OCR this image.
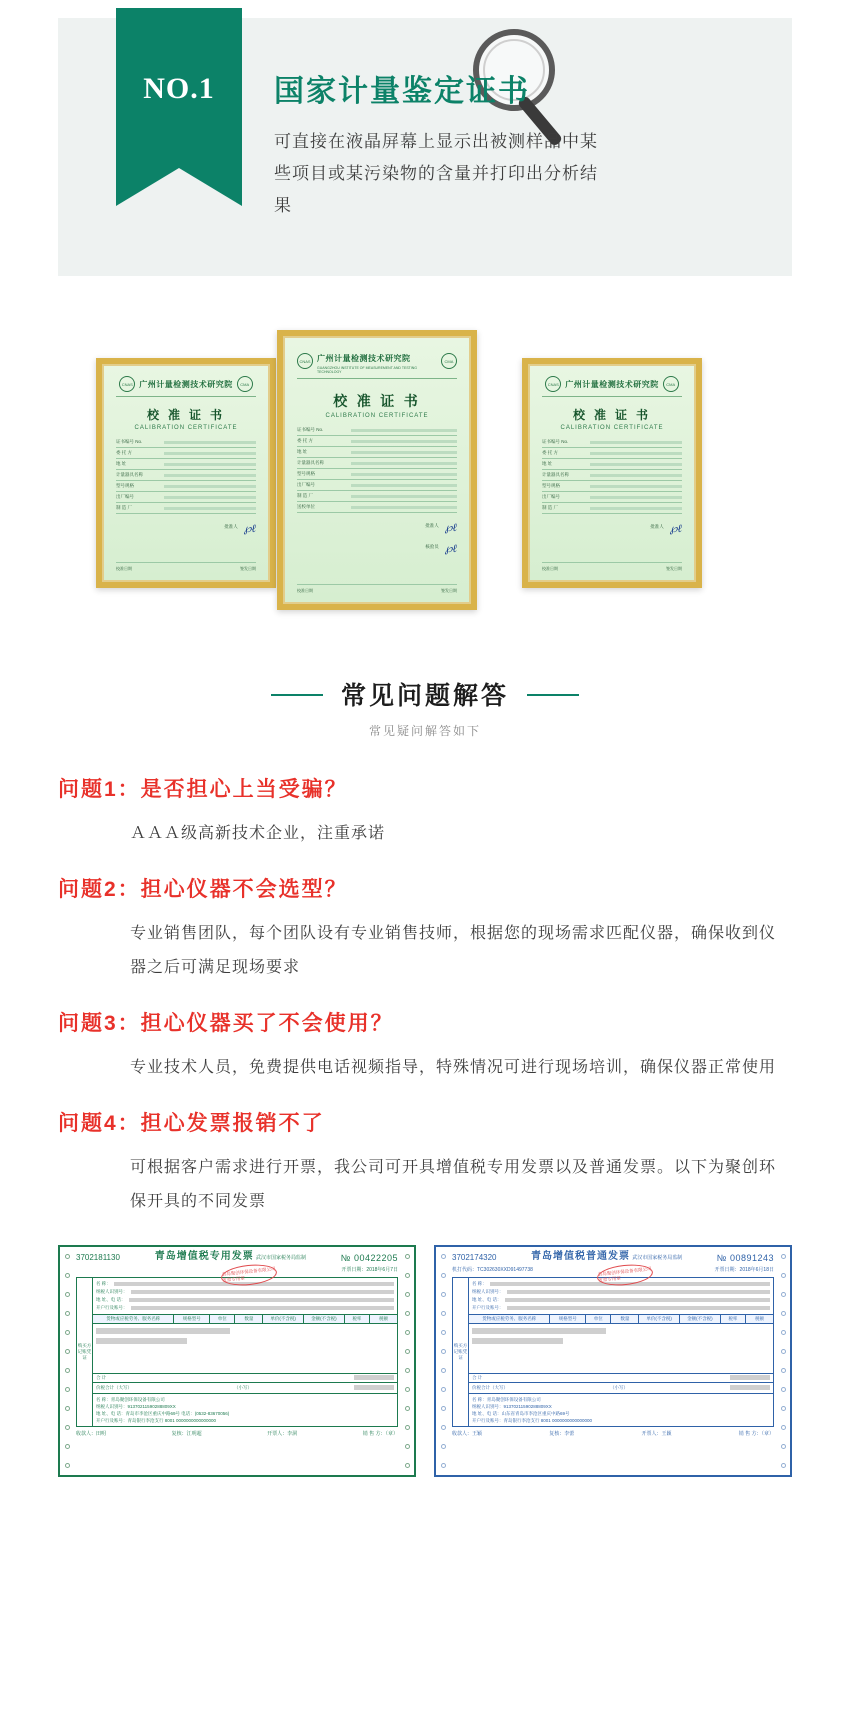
NO.1	国家计量鉴定证书
可直接在液晶屏幕上显示出被测样品中某些项目或某污染物的含量并打印出分析结果
CNAS 广州计量检测技术研究院	CMA
校 准 证 书
CALIBRATION CERTIFICATE
证书编号 No.
委 托 方
地 址
计量器具名称
型号规格
出厂编号
制 造 厂
批准人 ℘ℓ
校准日期	签发日期
CNAS 广州计量检测技术研究院
GUANGZHOU INSTITUTE OF MEASUREMENT AND TESTING TECHNOLOGY
CMA
校 准 证 书
CALIBRATION CERTIFICATE
证书编号 No.
委 托 方
地 址
计量器具名称
型号规格
出厂编号
制 造 厂
送校单位
批准人 ℘ℓ
核验员 ℘ℓ
校准日期	签发日期
CNAS 广州计量检测技术研究院	CMA
校 准 证 书
CALIBRATION CERTIFICATE
证书编号 No.
委 托 方
地 址
计量器具名称
型号规格
出厂编号
制 造 厂
批准人 ℘ℓ
校准日期	签发日期
常见问题解答
常见疑问解答如下
问题1：是否担心上当受骗？
ＡＡＡ级高新技术企业，注重承诺
问题2：担心仪器不会选型？
专业销售团队，每个团队设有专业销售技师，根据您的现场需求匹配仪器，确保收到仪器之后可满足现场要求
问题3：担心仪器买了不会使用？
专业技术人员，免费提供电话视频指导，特殊情况可进行现场培训，确保仪器正常使用
问题4：担心发票报销不了
可根据客户需求进行开票，我公司可开具增值税专用发票以及普通发票。以下为聚创环保开具的不同发票
3702181130	青岛增值税专用发票 武汉市国家税务局监制	№ 00422205
开票日期：2018年6月7日
青岛聚创环保设备有限公司发票专用章
购买方记账凭证
名 称：
纳税人识别号：
地 址、电 话：
开户行及账号：
货物或应税劳务、服务名称	规格型号	单位	数量	单价(不含税)	金额(不含税)	税率	税额
合 计
价税合计（大写）	（小写）
名 称：青岛聚创环保设备有限公司
纳税人识别号：91370211590288809XX
地 址、电 话：青岛市李沧区重庆中路69号 电话：(0532-83670056)
开户行及账号：青岛银行李沧支行 8001 0000000000000000
收款人：田明	复核：江明超	开票人：李洞	销 售 方：（章）
3702174320	青岛增值税普通发票 武汉市国家税务局监制	№ 00891243
机打代码：TC302630XXD91497738	开票日期：2018年6月18日
青岛聚创环保设备有限公司发票专用章
购买方记账凭证
名 称：
纳税人识别号：
地 址、电 话：
开户行及账号：
货物或应税劳务、服务名称	规格型号	单位	数量	单价(不含税)	金额(不含税)	税率	税额
合 计
价税合计（大写）	（小写）
名 称：青岛聚创环保设备有限公司
纳税人识别号：91370211590288809XX
地 址、电 话：山东省青岛市李沧区重庆中路69号
开户行及账号：青岛银行李沧支行 8001 0000000000000000
收款人：王颖	复核：李蕾	开票人：王颖	销 售 方：（章）
